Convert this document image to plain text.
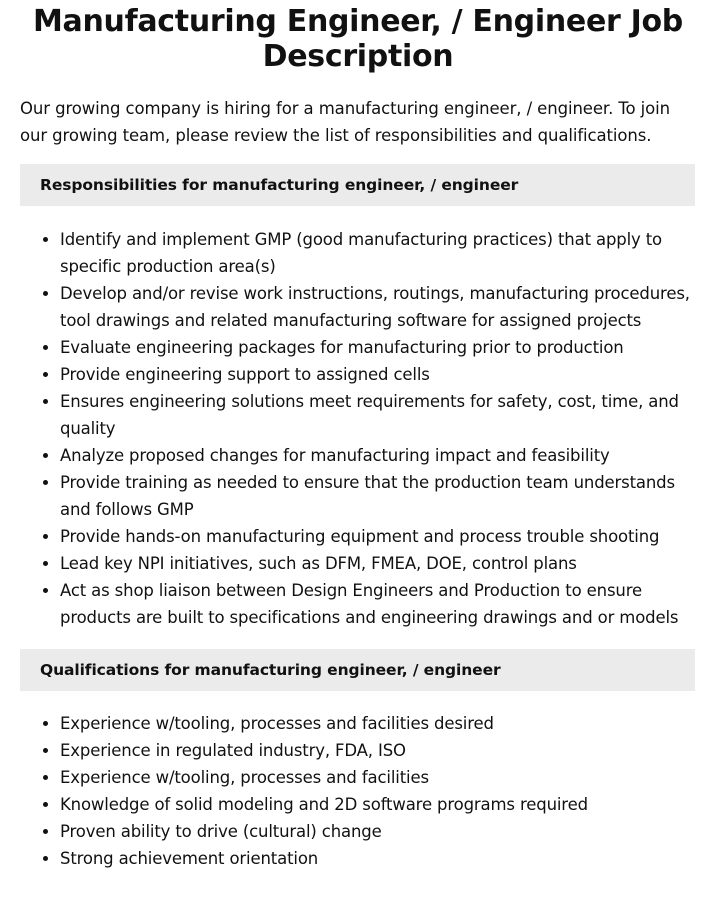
Manufacturing Engineer, / Engineer Job Description

Our growing company is hiring for a manufacturing engineer, / engineer. To join our growing team, please review the list of responsibilities and qualifications.

Responsibilities for manufacturing engineer, / engineer
Identify and implement GMP (good manufacturing practices) that apply to specific production area(s)
Develop and/or revise work instructions, routings, manufacturing procedures, tool drawings and related manufacturing software for assigned projects
Evaluate engineering packages for manufacturing prior to production
Provide engineering support to assigned cells
Ensures engineering solutions meet requirements for safety, cost, time, and quality
Analyze proposed changes for manufacturing impact and feasibility
Provide training as needed to ensure that the production team understands and follows GMP
Provide hands-on manufacturing equipment and process trouble shooting
Lead key NPI initiatives, such as DFM, FMEA, DOE, control plans
Act as shop liaison between Design Engineers and Production to ensure products are built to specifications and engineering drawings and or models
Qualifications for manufacturing engineer, / engineer
Experience w/tooling, processes and facilities desired
Experience in regulated industry, FDA, ISO
Experience w/tooling, processes and facilities
Knowledge of solid modeling and 2D software programs required
Proven ability to drive (cultural) change
Strong achievement orientation
